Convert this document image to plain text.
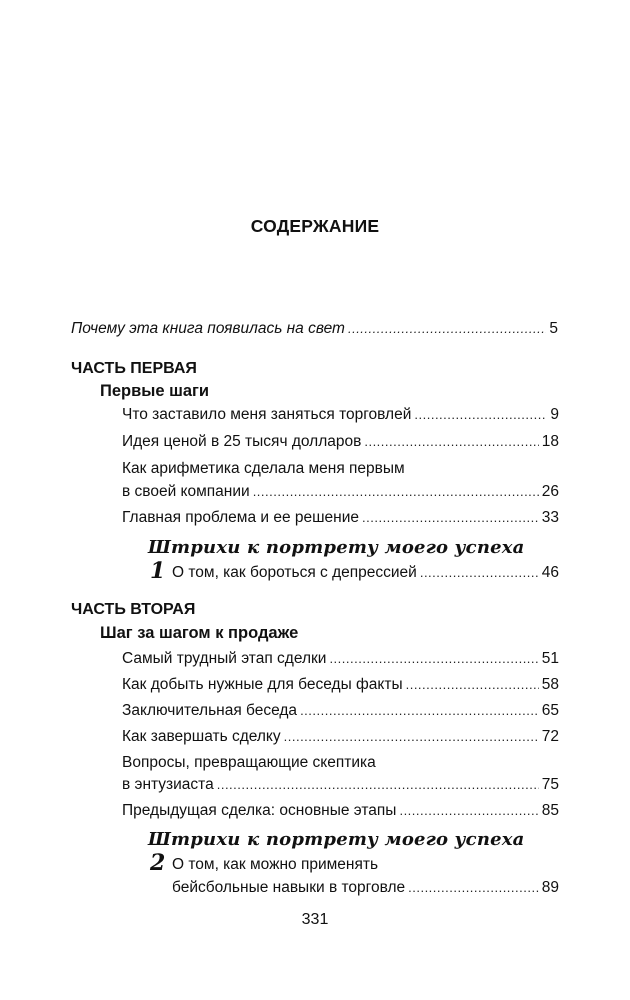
СОДЕРЖАНИЕ
Почему эта книга появилась на свет .....	5
ЧАСТЬ ПЕРВАЯ
Первые шаги
Что заставило меня заняться торговлей .....	9
Идея ценой в 25 тысяч долларов .....	18
Как арифметика сделала меня первым
в своей компании .....	26
Главная проблема и ее решение .....	33
Штрихи к портрету моего успеха
1 О том, как бороться с депрессией .....	46
ЧАСТЬ ВТОРАЯ
Шаг за шагом к продаже
Самый трудный этап сделки .....	51
Как добыть нужные для беседы факты .....	58
Заключительная беседа .....	65
Как завершать сделку .....	72
Вопросы, превращающие скептика
в энтузиаста .....	75
Предыдущая сделка: основные этапы .....	85
Штрихи к портрету моего успеха
2 О том, как можно применять
бейсбольные навыки в торговле .....	89
331
